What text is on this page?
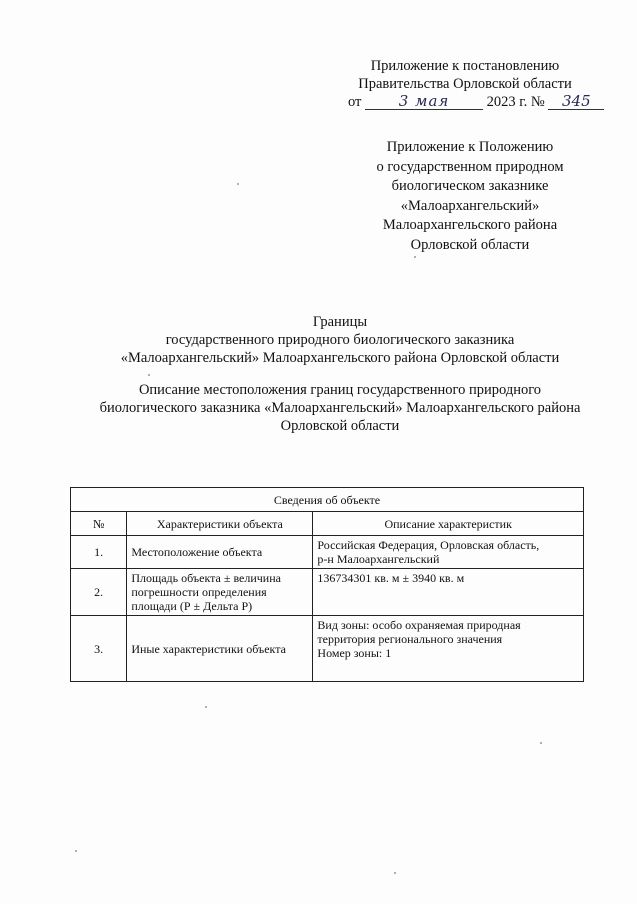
Приложение к постановлению
Правительства Орловской области
от 3 мая	2023 г. № 345
Приложение к Положению
о государственном природном
биологическом заказнике
«Малоархангельский»
Малоархангельского района
Орловской области
Границы
государственного природного биологического заказника
«Малоархангельский» Малоархангельского района Орловской области
Описание местоположения границ государственного природного
биологического заказника «Малоархангельский» Малоархангельского района
Орловской области
Сведения об объекте		
№	Характеристики объекта	Описание характеристик
1.	Местоположение объекта	Российская Федерация, Орловская область,
р-н Малоархангельский

2.	Площадь объекта ± величина
погрешности определения
площади (Р ± Дельта Р)	136734301 кв. м ± 3940 кв. м

3.	Иные характеристики объекта	Вид зоны: особо охраняемая природная
территория регионального значения
Номер зоны: 1
